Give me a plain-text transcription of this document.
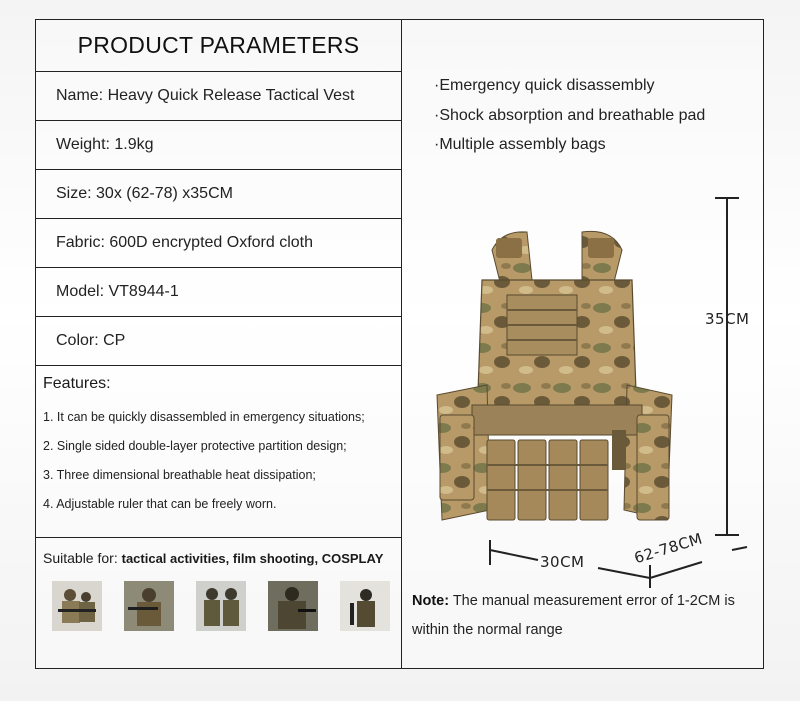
PRODUCT PARAMETERS
Name: Heavy Quick Release Tactical Vest
Weight: 1.9kg
Size: 30x (62-78) x35CM
Fabric: 600D encrypted Oxford cloth
Model: VT8944-1
Color: CP
Features:
1. It can be quickly disassembled in emergency situations;
2. Single sided double-layer protective partition design;
3. Three dimensional breathable heat dissipation;
4. Adjustable ruler that can be freely worn.
Suitable for: tactical activities, film shooting, COSPLAY
·Emergency quick disassembly
·Shock absorption and breathable pad
·Multiple assembly bags
35CM
30CM	62-78CM
Note: The manual measurement error of 1-2CM is within the normal range
